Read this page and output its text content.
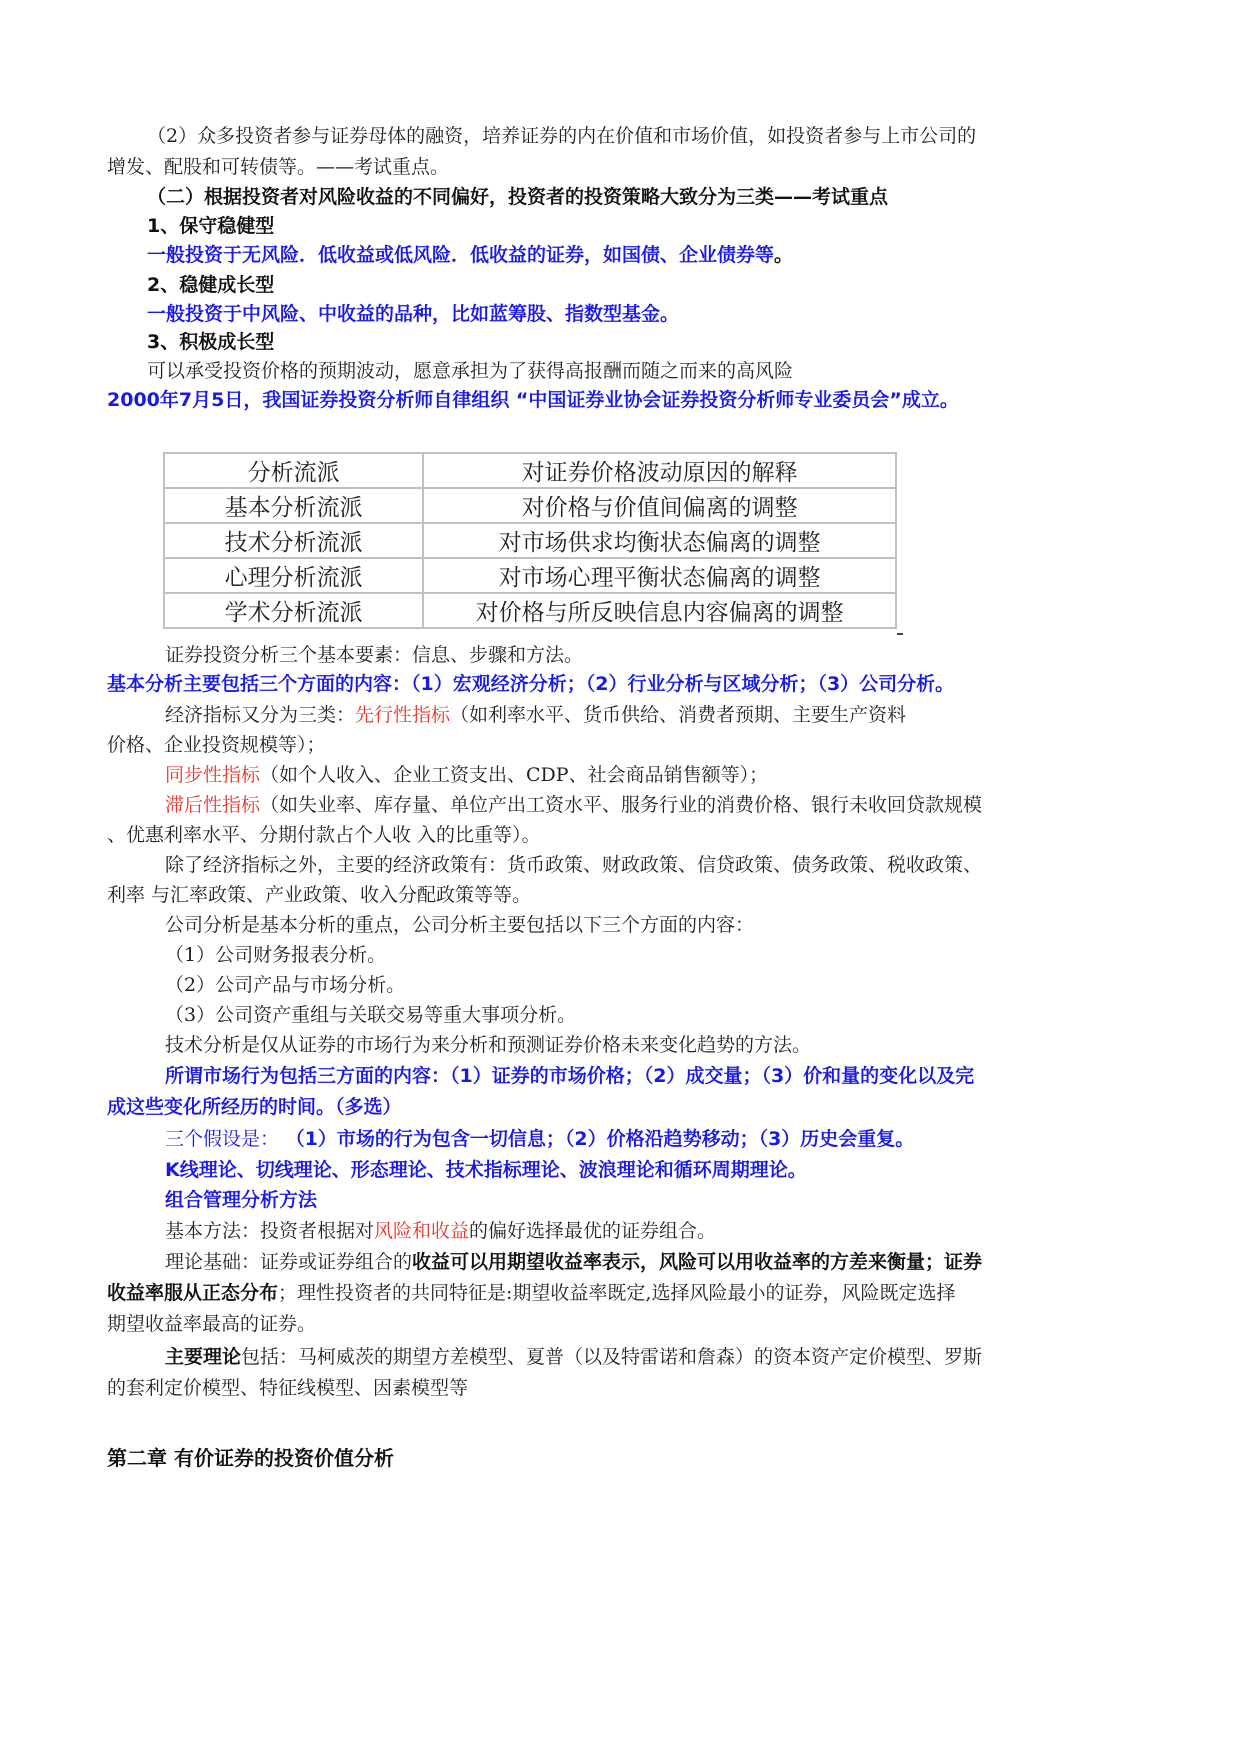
（2）众多投资者参与证券母体的融资，培养证券的内在价值和市场价值，如投资者参与上市公司的
增发、配股和可转债等。——考试重点。
（二）根据投资者对风险收益的不同偏好，投资者的投资策略大致分为三类——考试重点
1、保守稳健型
一般投资于无风险．低收益或低风险．低收益的证券，如国债、企业债券等。
2、稳健成长型
一般投资于中风险、中收益的品种，比如蓝筹股、指数型基金。
3、积极成长型
可以承受投资价格的预期波动，愿意承担为了获得高报酬而随之而来的高风险
2000年7月5日，我国证券投资分析师自律组织 “中国证券业协会证券投资分析师专业委员会”成立。
分析流派	对证券价格波动原因的解释
基本分析流派	对价格与价值间偏离的调整
技术分析流派	对市场供求均衡状态偏离的调整
心理分析流派	对市场心理平衡状态偏离的调整
学术分析流派	对价格与所反映信息内容偏离的调整
证券投资分析三个基本要素：信息、步骤和方法。
基本分析主要包括三个方面的内容：（1）宏观经济分析；（2）行业分析与区域分析；（3）公司分析。
经济指标又分为三类：先行性指标（如利率水平、货币供给、消费者预期、主要生产资料
价格、企业投资规模等）；
同步性指标（如个人收入、企业工资支出、CDP、社会商品销售额等）；
滞后性指标（如失业率、库存量、单位产出工资水平、服务行业的消费价格、银行未收回贷款规模
、优惠利率水平、分期付款占个人收 入的比重等）。
除了经济指标之外，主要的经济政策有：货币政策、财政政策、信贷政策、债务政策、税收政策、
利率 与汇率政策、产业政策、收入分配政策等等。
公司分析是基本分析的重点，公司分析主要包括以下三个方面的内容：
（1）公司财务报表分析。
（2）公司产品与市场分析。
（3）公司资产重组与关联交易等重大事项分析。
技术分析是仅从证券的市场行为来分析和预测证券价格未来变化趋势的方法。
所谓市场行为包括三方面的内容：（1）证券的市场价格；（2）成交量；（3）价和量的变化以及完
成这些变化所经历的时间。（多选）
三个假设是： （1）市场的行为包含一切信息；（2）价格沿趋势移动；（3）历史会重复。
K线理论、切线理论、形态理论、技术指标理论、波浪理论和循环周期理论。
组合管理分析方法
基本方法：投资者根据对风险和收益的偏好选择最优的证券组合。
理论基础：证券或证券组合的收益可以用期望收益率表示，风险可以用收益率的方差来衡量；证券
收益率服从正态分布；理性投资者的共同特征是:期望收益率既定,选择风险最小的证券，风险既定选择
期望收益率最高的证券。
主要理论包括：马柯威茨的期望方差模型、夏普（以及特雷诺和詹森）的资本资产定价模型、罗斯
的套利定价模型、特征线模型、因素模型等
第二章 有价证券的投资价值分析
